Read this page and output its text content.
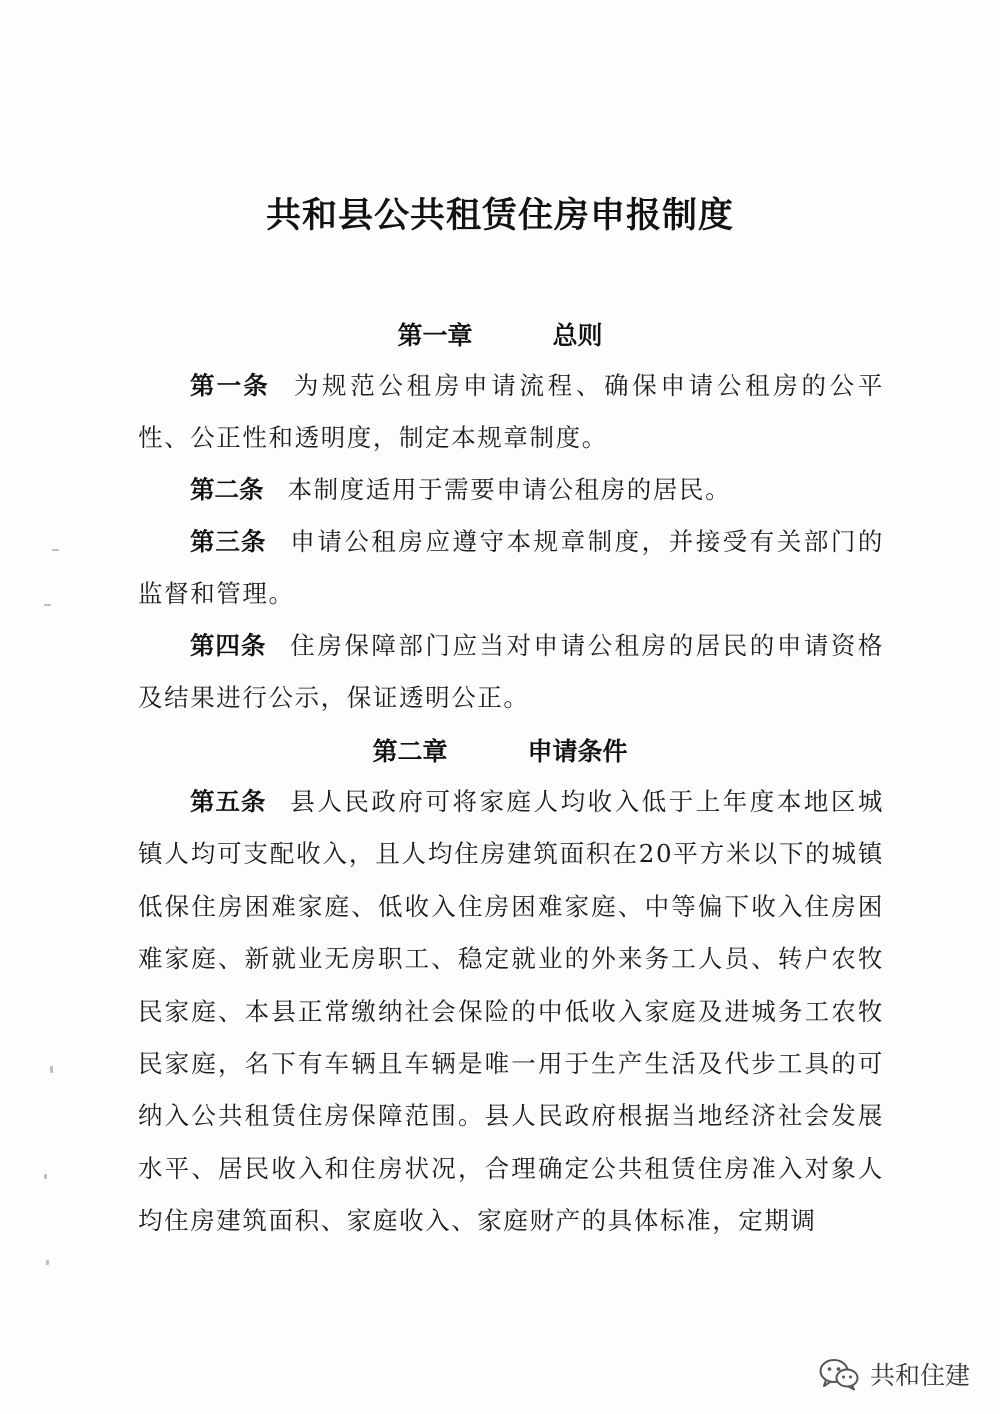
共和县公共租赁住房申报制度
第一章	总则
第一条 为规范公租房申请流程、确保申请公租房的公平性、公正性和透明度，制定本规章制度。
第二条 本制度适用于需要申请公租房的居民。
第三条 申请公租房应遵守本规章制度，并接受有关部门的监督和管理。
第四条 住房保障部门应当对申请公租房的居民的申请资格及结果进行公示，保证透明公正。
第二章	申请条件
第五条 县人民政府可将家庭人均收入低于上年度本地区城镇人均可支配收入，且人均住房建筑面积在20平方米以下的城镇低保住房困难家庭、低收入住房困难家庭、中等偏下收入住房困难家庭、新就业无房职工、稳定就业的外来务工人员、转户农牧民家庭、本县正常缴纳社会保险的中低收入家庭及进城务工农牧民家庭，名下有车辆且车辆是唯一用于生产生活及代步工具的可纳入公共租赁住房保障范围。县人民政府根据当地经济社会发展水平、居民收入和住房状况，合理确定公共租赁住房准入对象人均住房建筑面积、家庭收入、家庭财产的具体标准，定期调
共和住建
